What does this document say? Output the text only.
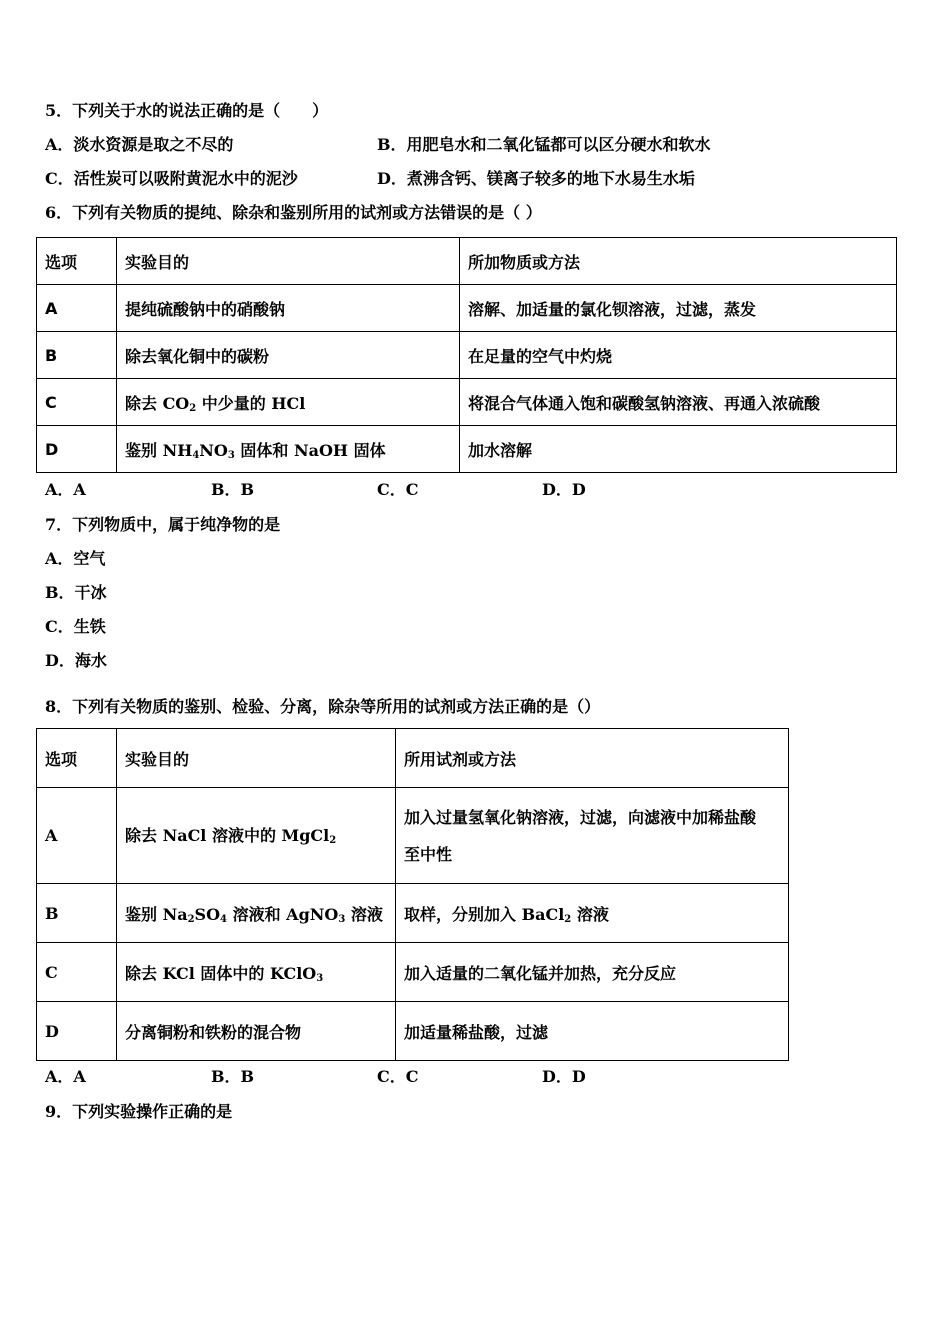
5．下列关于水的说法正确的是（　　）
A．淡水资源是取之不尽的	B．用肥皂水和二氧化锰都可以区分硬水和软水
C．活性炭可以吸附黄泥水中的泥沙	D．煮沸含钙、镁离子较多的地下水易生水垢
6．下列有关物质的提纯、除杂和鉴别所用的试剂或方法错误的是（ ）
选项	实验目的	所加物质或方法
A	提纯硫酸钠中的硝酸钠	溶解、加适量的氯化钡溶液，过滤，蒸发
B	除去氧化铜中的碳粉	在足量的空气中灼烧
C	除去 $CO_2$ 中少量的 HCl	将混合气体通入饱和碳酸氢钠溶液、再通入浓硫酸
D	鉴别 $NH_4NO_3$ 固体和 NaOH 固体	加水溶解
A．A	B．B	C．C	D．D
7．下列物质中，属于纯净物的是
A．空气
B．干冰
C．生铁
D．海水
8．下列有关物质的鉴别、检验、分离，除杂等所用的试剂或方法正确的是（）
选项	实验目的	所用试剂或方法
A	除去 NaCl 溶液中的 MgCl$_2$	加入过量氢氧化钠溶液，过滤，向滤液中加稀盐酸
至中性

B	鉴别 $Na_2SO_4$ 溶液和 AgNO$_3$ 溶液	取样，分别加入 BaCl$_2$ 溶液
C	除去 KCl 固体中的 KClO$_3$	加入适量的二氧化锰并加热，充分反应
D	分离铜粉和铁粉的混合物	加适量稀盐酸，过滤
A．A	B．B	C．C	D．D
9．下列实验操作正确的是
